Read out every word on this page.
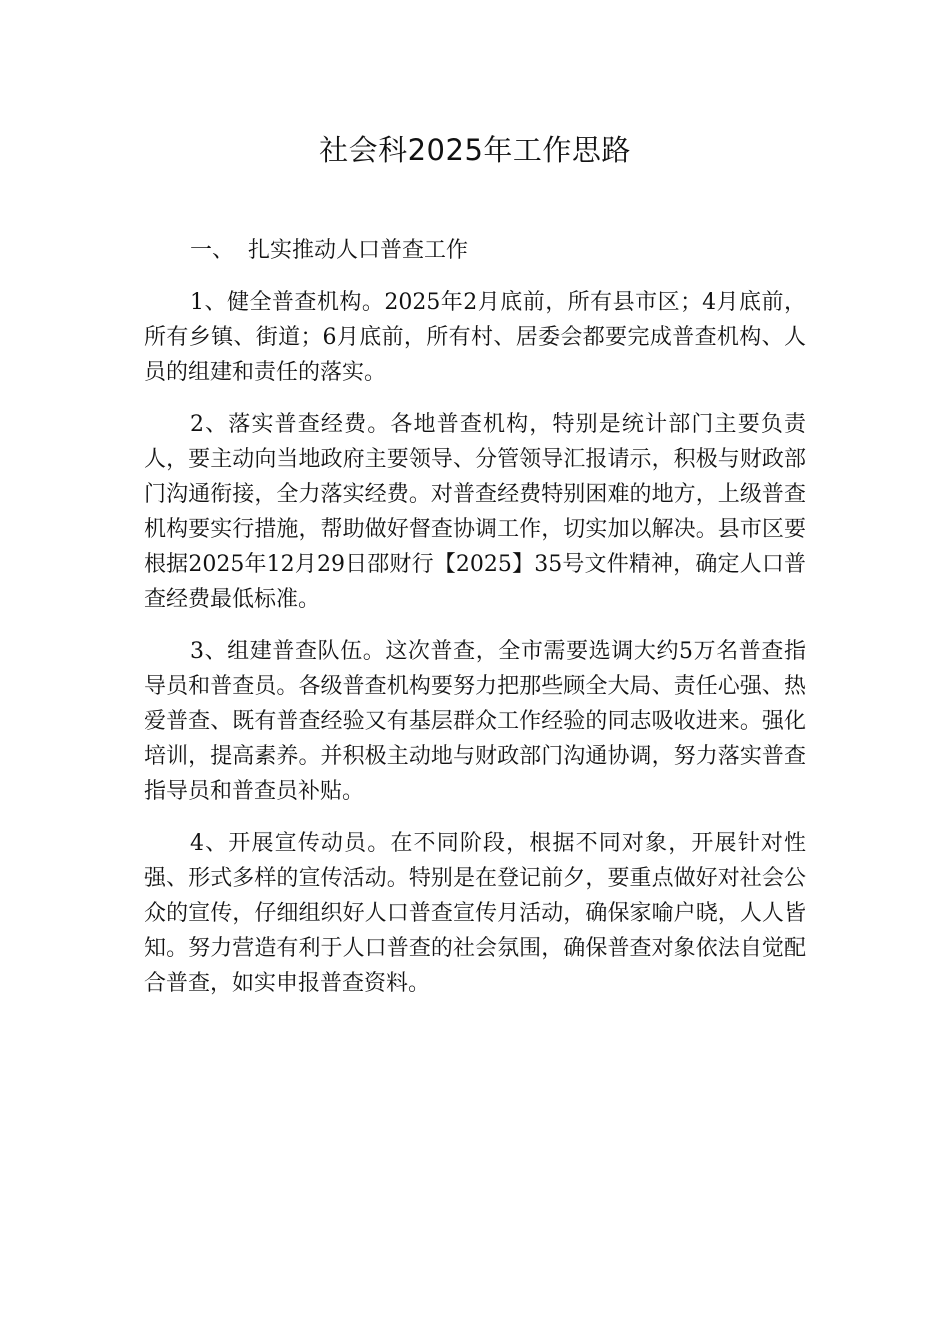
社会科2025年工作思路
一、  扎实推动人口普查工作

1、健全普查机构。2025年2月底前，所有县市区；4月底前，所有乡镇、街道；6月底前，所有村、居委会都要完成普查机构、人员的组建和责任的落实。

2、落实普查经费。各地普查机构，特别是统计部门主要负责人，要主动向当地政府主要领导、分管领导汇报请示，积极与财政部门沟通衔接，全力落实经费。对普查经费特别困难的地方，上级普查机构要实行措施，帮助做好督查协调工作，切实加以解决。县市区要根据2025年12月29日邵财行【2025】35号文件精神，确定人口普查经费最低标准。

3、组建普查队伍。这次普查，全市需要选调大约5万名普查指导员和普查员。各级普查机构要努力把那些顾全大局、责任心强、热爱普查、既有普查经验又有基层群众工作经验的同志吸收进来。强化培训，提高素养。并积极主动地与财政部门沟通协调，努力落实普查指导员和普查员补贴。

4、开展宣传动员。在不同阶段，根据不同对象，开展针对性强、形式多样的宣传活动。特别是在登记前夕，要重点做好对社会公众的宣传，仔细组织好人口普查宣传月活动，确保家喻户晓，人人皆知。努力营造有利于人口普查的社会氛围，确保普查对象依法自觉配合普查，如实申报普查资料。
